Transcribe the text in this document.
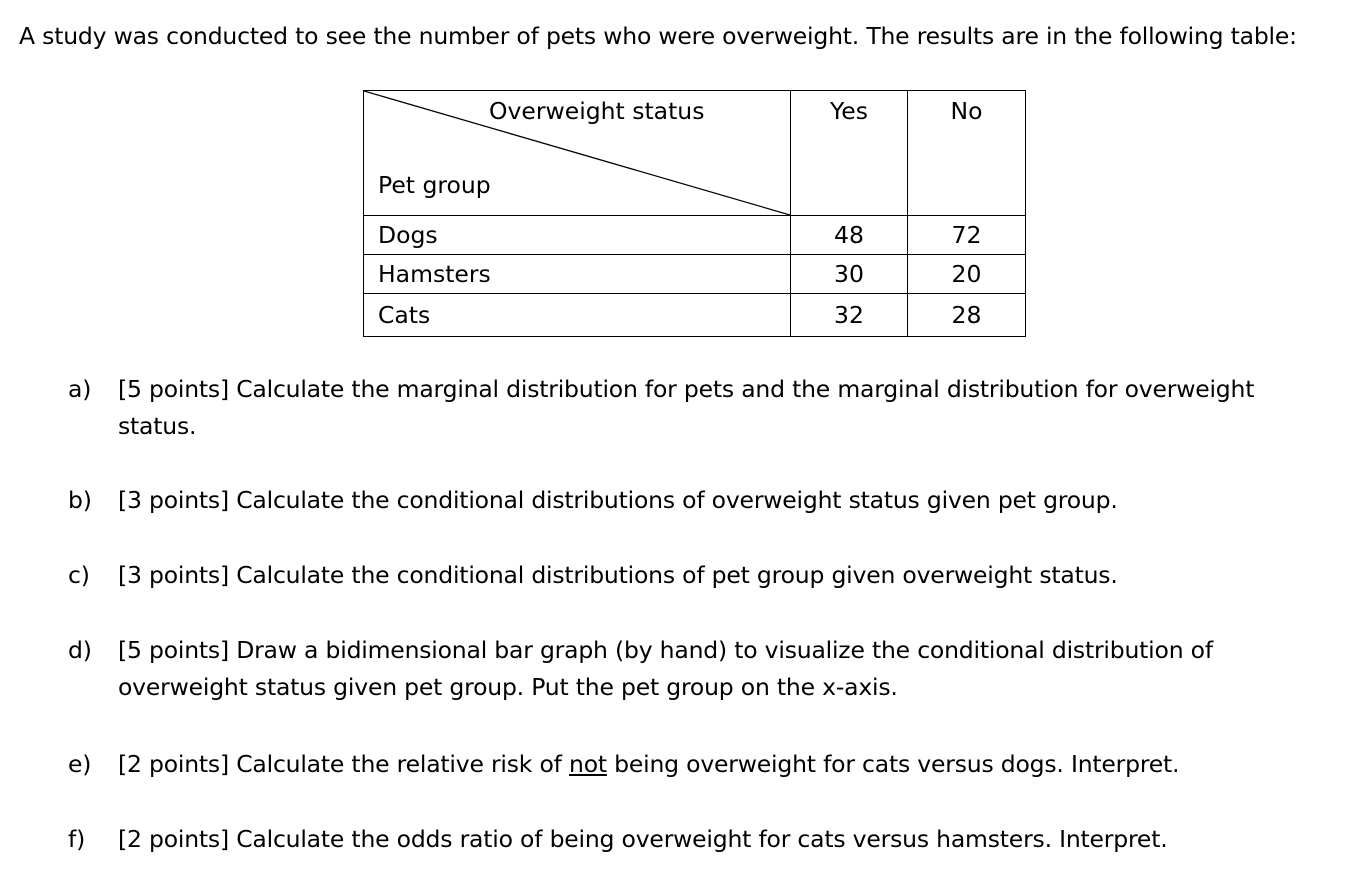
A study was conducted to see the number of pets who were overweight. The results are in the following table:
Overweight status
Pet group	Yes	No
Dogs	48	72
Hamsters	30	20
Cats	32	28
a)	[5 points] Calculate the marginal distribution for pets and the marginal distribution for overweight status.
b)	[3 points] Calculate the conditional distributions of overweight status given pet group.
c)	[3 points] Calculate the conditional distributions of pet group given overweight status.
d)	[5 points] Draw a bidimensional bar graph (by hand) to visualize the conditional distribution of overweight status given pet group. Put the pet group on the x-axis.
e)	[2 points] Calculate the relative risk of not being overweight for cats versus dogs. Interpret.
f)	[2 points] Calculate the odds ratio of being overweight for cats versus hamsters. Interpret.
